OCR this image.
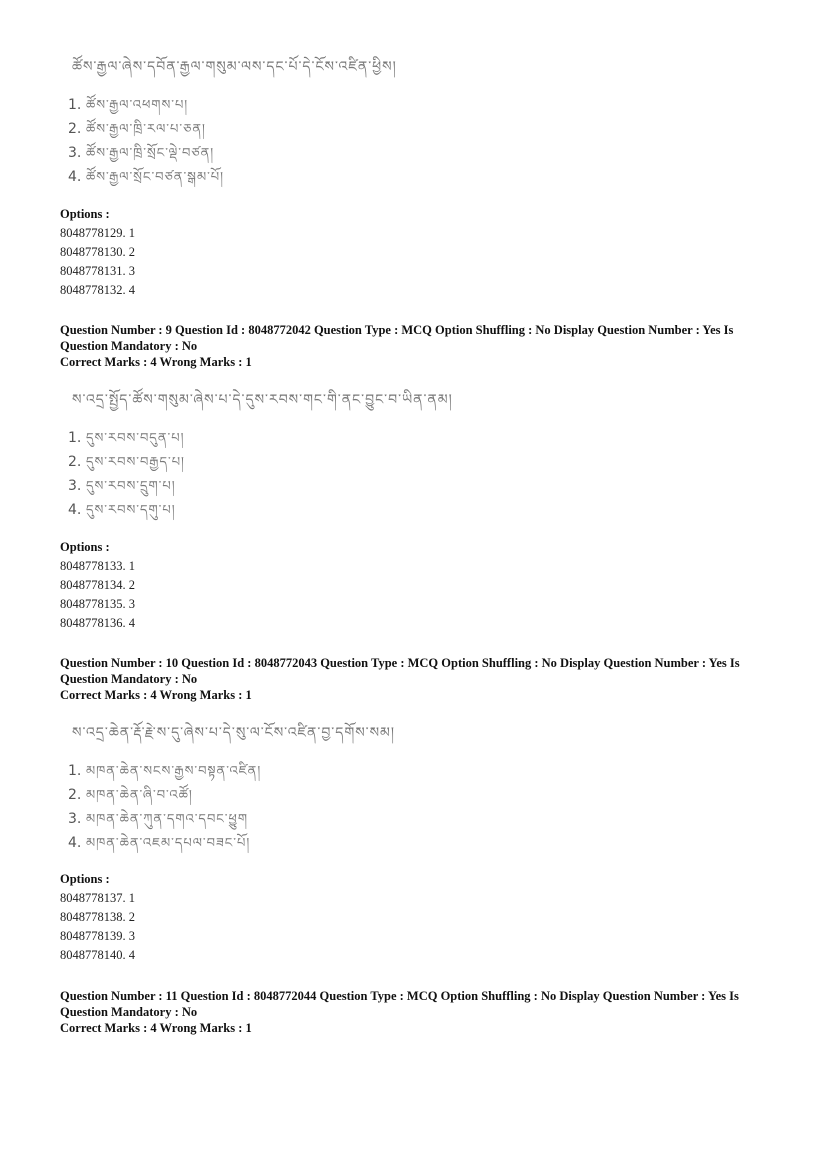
ཚོས་རྒྱལ་ཞེས་དབོན་རྒྱལ་གསུམ་ལས་དང་པོ་དེ་ངོས་འཛིན་ཕྱིས།
1. ཚོས་རྒྱལ་འཕགས་པ།
2. ཚོས་རྒྱལ་ཁྲི་རལ་པ་ཅན།
3. ཚོས་རྒྱལ་ཁྲི་སྲོང་ལྡེ་བཙན།
4. ཚོས་རྒྱལ་སྲོང་བཙན་སྒམ་པོ།
Options :
8048778129. 1
8048778130. 2
8048778131. 3
8048778132. 4
Question Number : 9 Question Id : 8048772042 Question Type : MCQ Option Shuffling : No Display Question Number : Yes Is
Question Mandatory : No
Correct Marks : 4 Wrong Marks : 1
ས་འདྲ་སྤྱོད་ཚོས་གསུམ་ཞེས་པ་དེ་དུས་རབས་གང་གི་ནང་བྱུང་བ་ཡིན་ནམ།
1. དུས་རབས་བདུན་པ།
2. དུས་རབས་བརྒྱད་པ།
3. དུས་རབས་དྲུག་པ།
4. དུས་རབས་དགུ་པ།
Options :
8048778133. 1
8048778134. 2
8048778135. 3
8048778136. 4
Question Number : 10 Question Id : 8048772043 Question Type : MCQ Option Shuffling : No Display Question Number : Yes Is
Question Mandatory : No
Correct Marks : 4 Wrong Marks : 1
ས་འདྲ་ཆེན་རྡོ་རྗེ་ས་དུ་ཞེས་པ་དེ་སུ་ལ་ངོས་འཛིན་བྱ་དགོས་སམ།
1. མཁན་ཆེན་སངས་རྒྱས་བསྟན་འཛིན།
2. མཁན་ཆེན་ཞི་བ་འཚོ།
3. མཁན་ཆེན་ཀུན་དགའ་དབང་ཕྱུག
4. མཁན་ཆེན་འཇམ་དཔལ་བཟང་པོ།
Options :
8048778137. 1
8048778138. 2
8048778139. 3
8048778140. 4
Question Number : 11 Question Id : 8048772044 Question Type : MCQ Option Shuffling : No Display Question Number : Yes Is
Question Mandatory : No
Correct Marks : 4 Wrong Marks : 1
